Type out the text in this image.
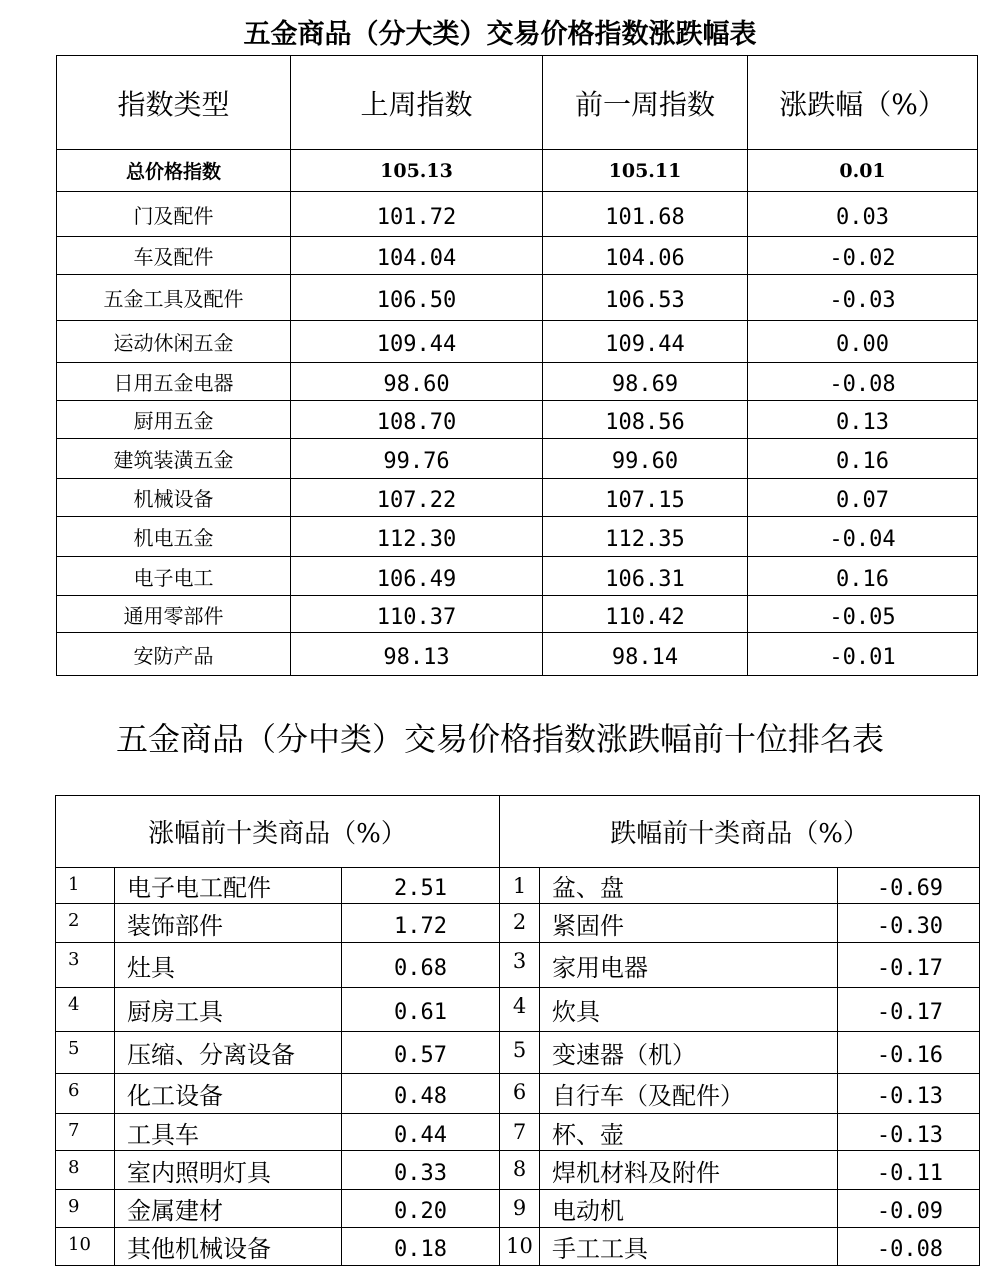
五金商品（分大类）交易价格指数涨跌幅表
指数类型	上周指数	前一周指数	涨跌幅（%）
总价格指数	105.13	105.11	0.01
门及配件	101.72	101.68	0.03
车及配件	104.04	104.06	-0.02
五金工具及配件	106.50	106.53	-0.03
运动休闲五金	109.44	109.44	0.00
日用五金电器	98.60	98.69	-0.08
厨用五金	108.70	108.56	0.13
建筑装潢五金	99.76	99.60	0.16
机械设备	107.22	107.15	0.07
机电五金	112.30	112.35	-0.04
电子电工	106.49	106.31	0.16
通用零部件	110.37	110.42	-0.05
安防产品	98.13	98.14	-0.01
五金商品（分中类）交易价格指数涨跌幅前十位排名表
涨幅前十类商品（%）			跌幅前十类商品（%）		
1	电子电工配件	2.51	1	盆、盘	-0.69
2	装饰部件	1.72	2	紧固件	-0.30
3	灶具	0.68	3	家用电器	-0.17
4	厨房工具	0.61	4	炊具	-0.17
5	压缩、分离设备	0.57	5	变速器（机）	-0.16
6	化工设备	0.48	6	自行车（及配件）	-0.13
7	工具车	0.44	7	杯、壶	-0.13
8	室内照明灯具	0.33	8	焊机材料及附件	-0.11
9	金属建材	0.20	9	电动机	-0.09
10	其他机械设备	0.18	10	手工工具	-0.08
